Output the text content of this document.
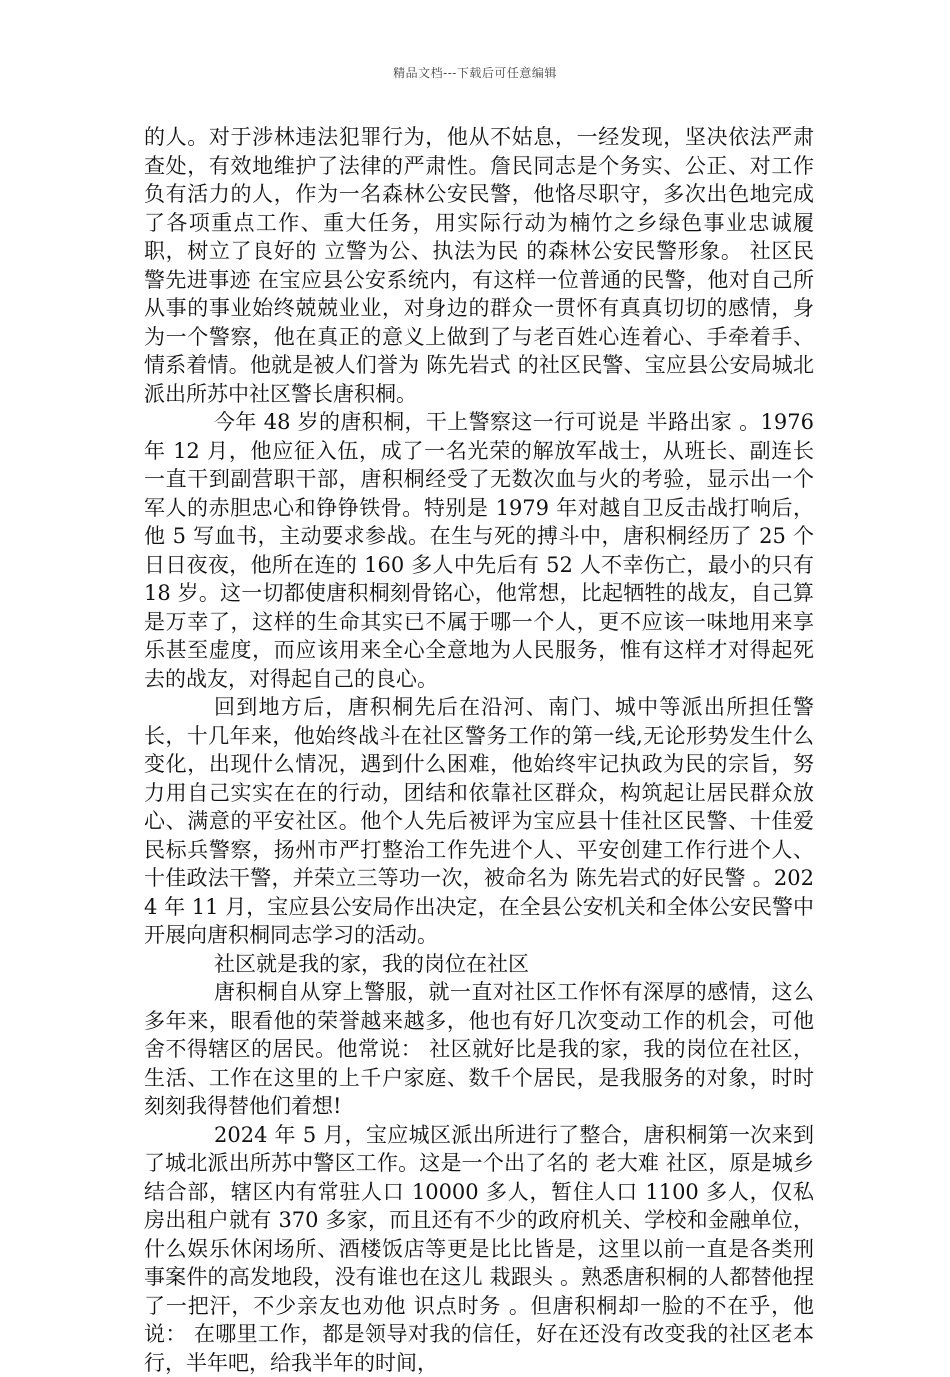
精品文档---下载后可任意编辑

的人。对于涉林违法犯罪行为，他从不姑息，一经发现，坚决依法严肃查处，有效地维护了法律的严肃性。詹民同志是个务实、公正、对工作负有活力的人，作为一名森林公安民警，他恪尽职守，多次出色地完成了各项重点工作、重大任务，用实际行动为楠竹之乡绿色事业忠诚履职，树立了良好的 立警为公、执法为民 的森林公安民警形象。 社区民警先进事迹 在宝应县公安系统内，有这样一位普通的民警，他对自己所从事的事业始终兢兢业业，对身边的群众一贯怀有真真切切的感情，身为一个警察，他在真正的意义上做到了与老百姓心连着心、手牵着手、情系着情。他就是被人们誉为 陈先岩式 的社区民警、宝应县公安局城北派出所苏中社区警长唐积桐。

今年 48 岁的唐积桐，干上警察这一行可说是 半路出家 。1976 年 12 月，他应征入伍，成了一名光荣的解放军战士，从班长、副连长一直干到副营职干部，唐积桐经受了无数次血与火的考验，显示出一个军人的赤胆忠心和铮铮铁骨。特别是 1979 年对越自卫反击战打响后，他 5 写血书，主动要求参战。在生与死的搏斗中，唐积桐经历了 25 个日日夜夜，他所在连的 160 多人中先后有 52 人不幸伤亡，最小的只有 18 岁。这一切都使唐积桐刻骨铭心，他常想，比起牺牲的战友，自己算是万幸了，这样的生命其实已不属于哪一个人，更不应该一味地用来享乐甚至虚度，而应该用来全心全意地为人民服务，惟有这样才对得起死去的战友，对得起自己的良心。

回到地方后，唐积桐先后在沿河、南门、城中等派出所担任警长，十几年来，他始终战斗在社区警务工作的第一线,无论形势发生什么变化，出现什么情况，遇到什么困难，他始终牢记执政为民的宗旨，努力用自己实实在在的行动，团结和依靠社区群众，构筑起让居民群众放心、满意的平安社区。他个人先后被评为宝应县十佳社区民警、十佳爱民标兵警察，扬州市严打整治工作先进个人、平安创建工作行进个人、十佳政法干警，并荣立三等功一次，被命名为 陈先岩式的好民警 。2024 年 11 月，宝应县公安局作出决定，在全县公安机关和全体公安民警中开展向唐积桐同志学习的活动。

社区就是我的家，我的岗位在社区

唐积桐自从穿上警服，就一直对社区工作怀有深厚的感情，这么多年来，眼看他的荣誉越来越多，他也有好几次变动工作的机会，可他舍不得辖区的居民。他常说： 社区就好比是我的家，我的岗位在社区，生活、工作在这里的上千户家庭、数千个居民，是我服务的对象，时时刻刻我得替他们着想!

2024 年 5 月，宝应城区派出所进行了整合，唐积桐第一次来到了城北派出所苏中警区工作。这是一个出了名的 老大难 社区，原是城乡结合部，辖区内有常驻人口 10000 多人，暂住人口 1100 多人，仅私房出租户就有 370 多家，而且还有不少的政府机关、学校和金融单位，什么娱乐休闲场所、酒楼饭店等更是比比皆是，这里以前一直是各类刑事案件的高发地段，没有谁也在这儿 栽跟头 。熟悉唐积桐的人都替他捏了一把汗，不少亲友也劝他 识点时务 。但唐积桐却一脸的不在乎，他说： 在哪里工作，都是领导对我的信任，好在还没有改变我的社区老本行，半年吧，给我半年的时间，
